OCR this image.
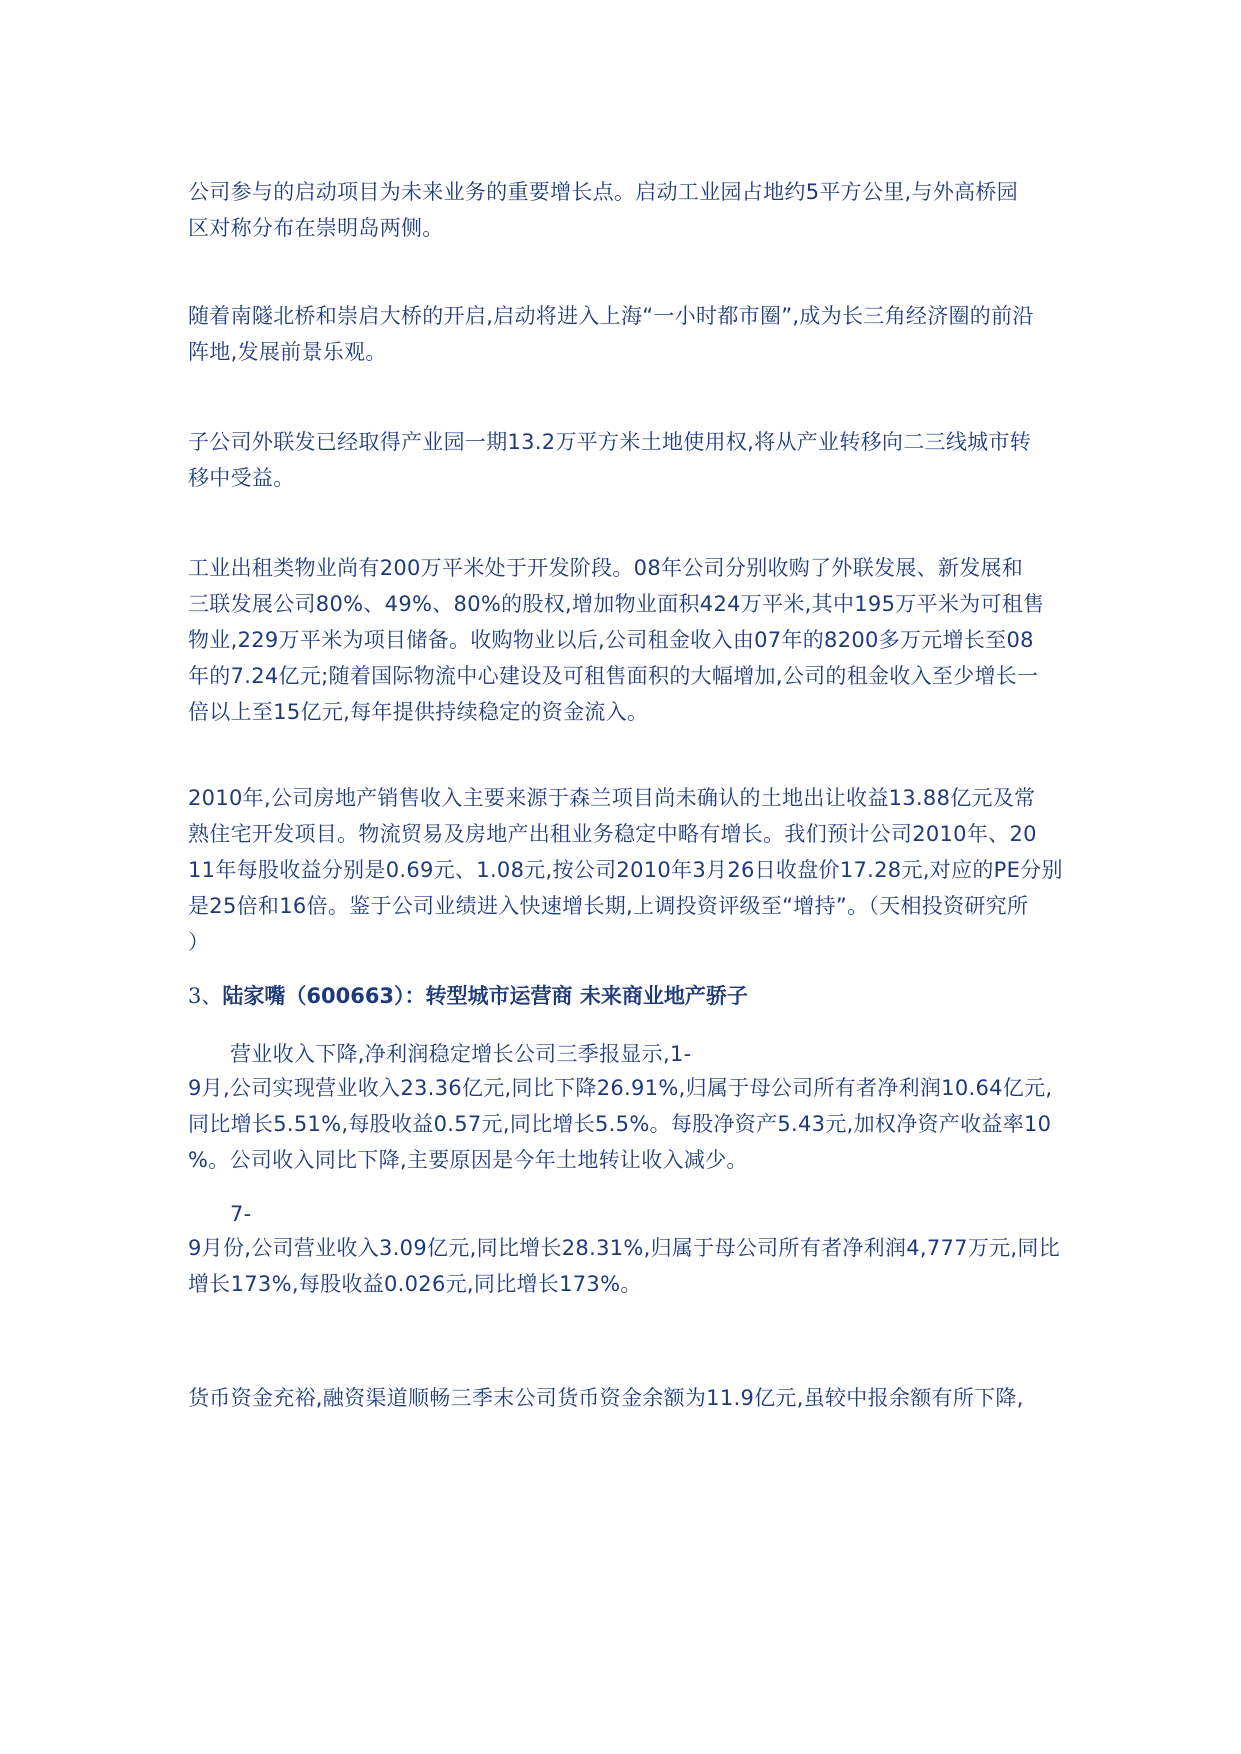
公司参与的启动项目为未来业务的重要增长点。启动工业园占地约5平方公里,与外高桥园
区对称分布在崇明岛两侧。

随着南隧北桥和崇启大桥的开启,启动将进入上海“一小时都市圈”,成为长三角经济圈的前沿
阵地,发展前景乐观。

子公司外联发已经取得产业园一期13.2万平方米土地使用权,将从产业转移向二三线城市转
移中受益。

工业出租类物业尚有200万平米处于开发阶段。08年公司分别收购了外联发展、新发展和
三联发展公司80%、49%、80%的股权,增加物业面积424万平米,其中195万平米为可租售
物业,229万平米为项目储备。收购物业以后,公司租金收入由07年的8200多万元增长至08
年的7.24亿元;随着国际物流中心建设及可租售面积的大幅增加,公司的租金收入至少增长一
倍以上至15亿元,每年提供持续稳定的资金流入。

2010年,公司房地产销售收入主要来源于森兰项目尚未确认的土地出让收益13.88亿元及常
熟住宅开发项目。物流贸易及房地产出租业务稳定中略有增长。我们预计公司2010年、20
11年每股收益分别是0.69元、1.08元,按公司2010年3月26日收盘价17.28元,对应的PE分别
是25倍和16倍。鉴于公司业绩进入快速增长期,上调投资评级至“增持”。（天相投资研究所
）

3、陆家嘴（600663）：转型城市运营商 未来商业地产骄子

营业收入下降,净利润稳定增长公司三季报显示,1-

9月,公司实现营业收入23.36亿元,同比下降26.91%,归属于母公司所有者净利润10.64亿元,
同比增长5.51%,每股收益0.57元,同比增长5.5%。每股净资产5.43元,加权净资产收益率10
%。公司收入同比下降,主要原因是今年土地转让收入减少。

7-

9月份,公司营业收入3.09亿元,同比增长28.31%,归属于母公司所有者净利润4,777万元,同比
增长173%,每股收益0.026元,同比增长173%。

货币资金充裕,融资渠道顺畅三季末公司货币资金余额为11.9亿元,虽较中报余额有所下降,
